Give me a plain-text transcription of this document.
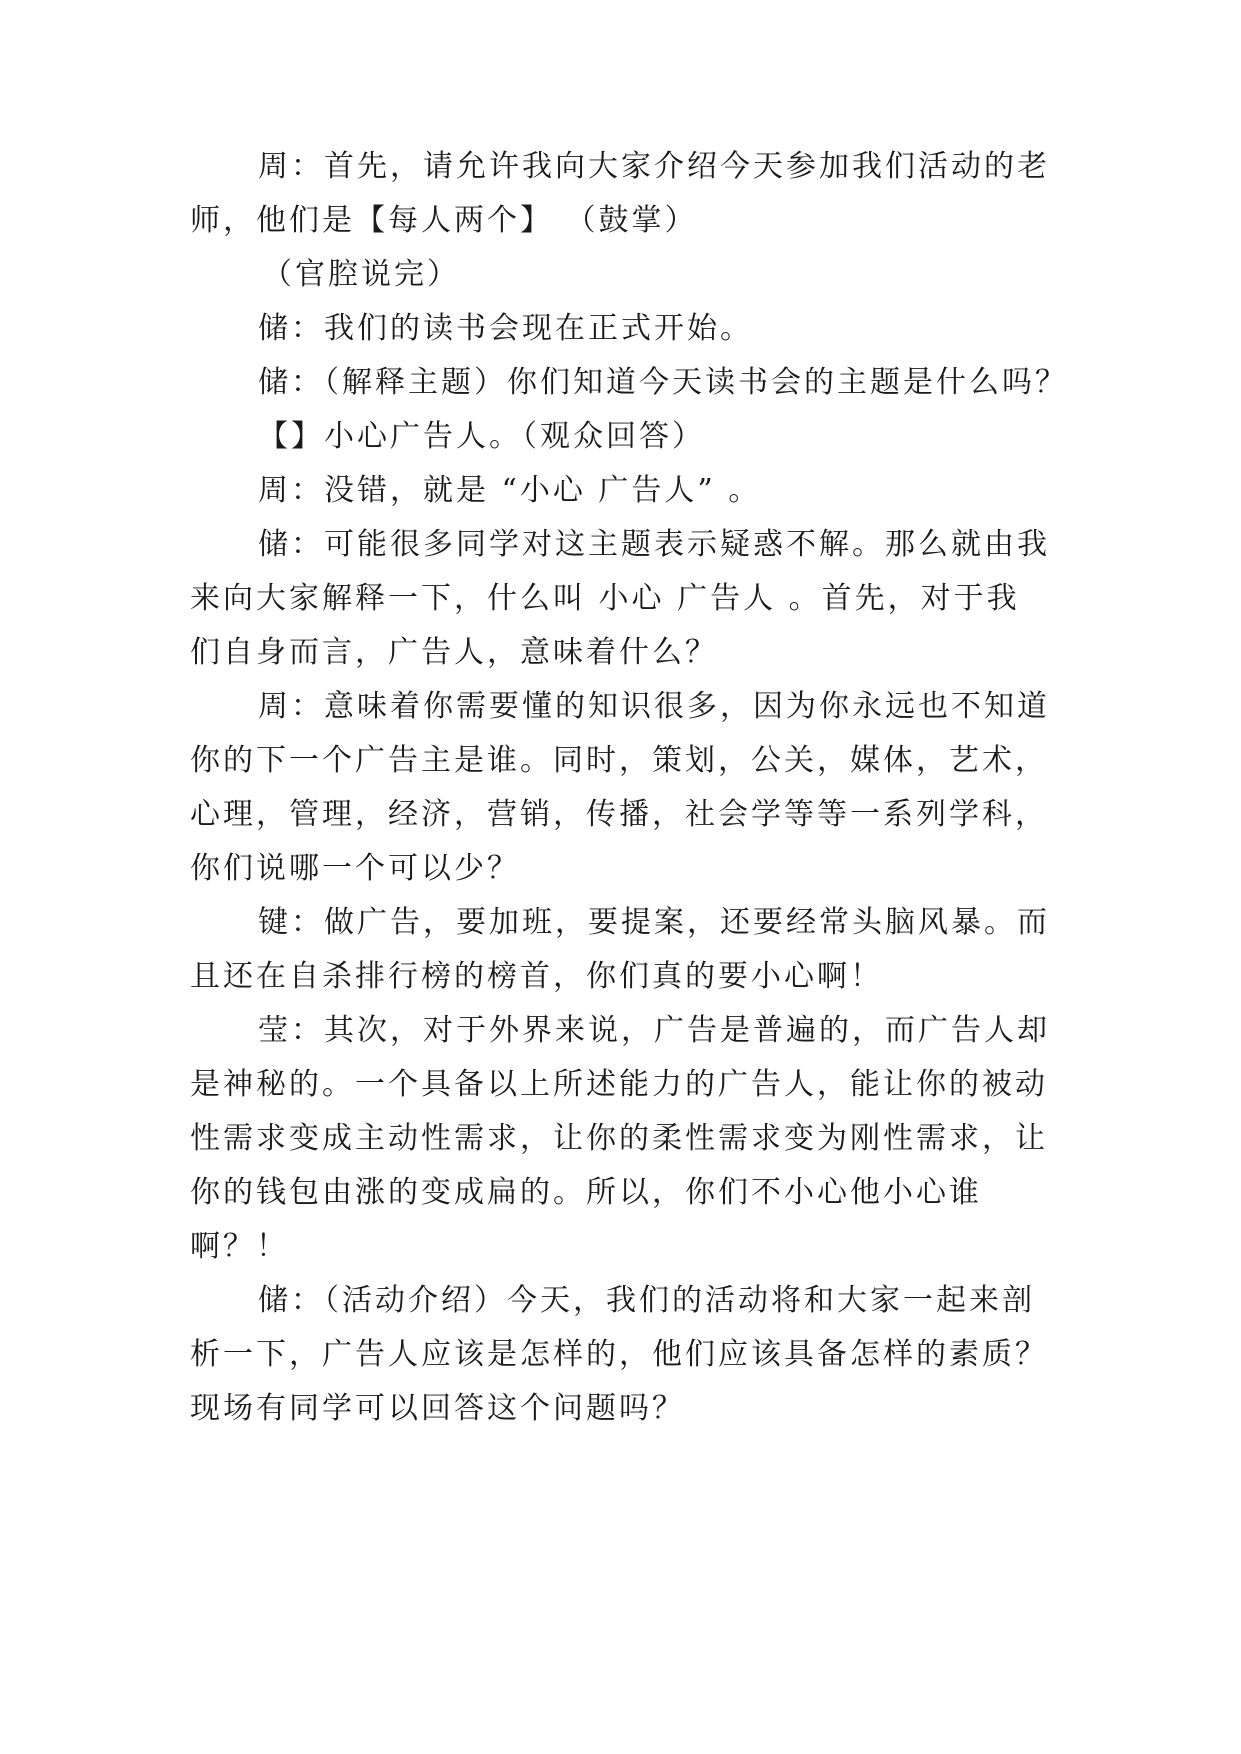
周：首先，请允许我向大家介绍今天参加我们活动的老
师，他们是【每人两个】 （鼓掌）
（官腔说完）
储：我们的读书会现在正式开始。
储：（解释主题）你们知道今天读书会的主题是什么吗？
【】小心广告人。（观众回答）
周：没错，就是 “小心 广告人” 。
储：可能很多同学对这主题表示疑惑不解。那么就由我
来向大家解释一下，什么叫 小心 广告人 。首先，对于我
们自身而言，广告人，意味着什么？
周：意味着你需要懂的知识很多，因为你永远也不知道
你的下一个广告主是谁。同时，策划，公关，媒体，艺术，
心理，管理，经济，营销，传播，社会学等等一系列学科，
你们说哪一个可以少？
键：做广告，要加班，要提案，还要经常头脑风暴。而
且还在自杀排行榜的榜首，你们真的要小心啊！
莹：其次，对于外界来说，广告是普遍的，而广告人却
是神秘的。一个具备以上所述能力的广告人，能让你的被动
性需求变成主动性需求，让你的柔性需求变为刚性需求，让
你的钱包由涨的变成扁的。所以，你们不小心他小心谁
啊？！
储：（活动介绍）今天，我们的活动将和大家一起来剖
析一下，广告人应该是怎样的，他们应该具备怎样的素质？
现场有同学可以回答这个问题吗？
